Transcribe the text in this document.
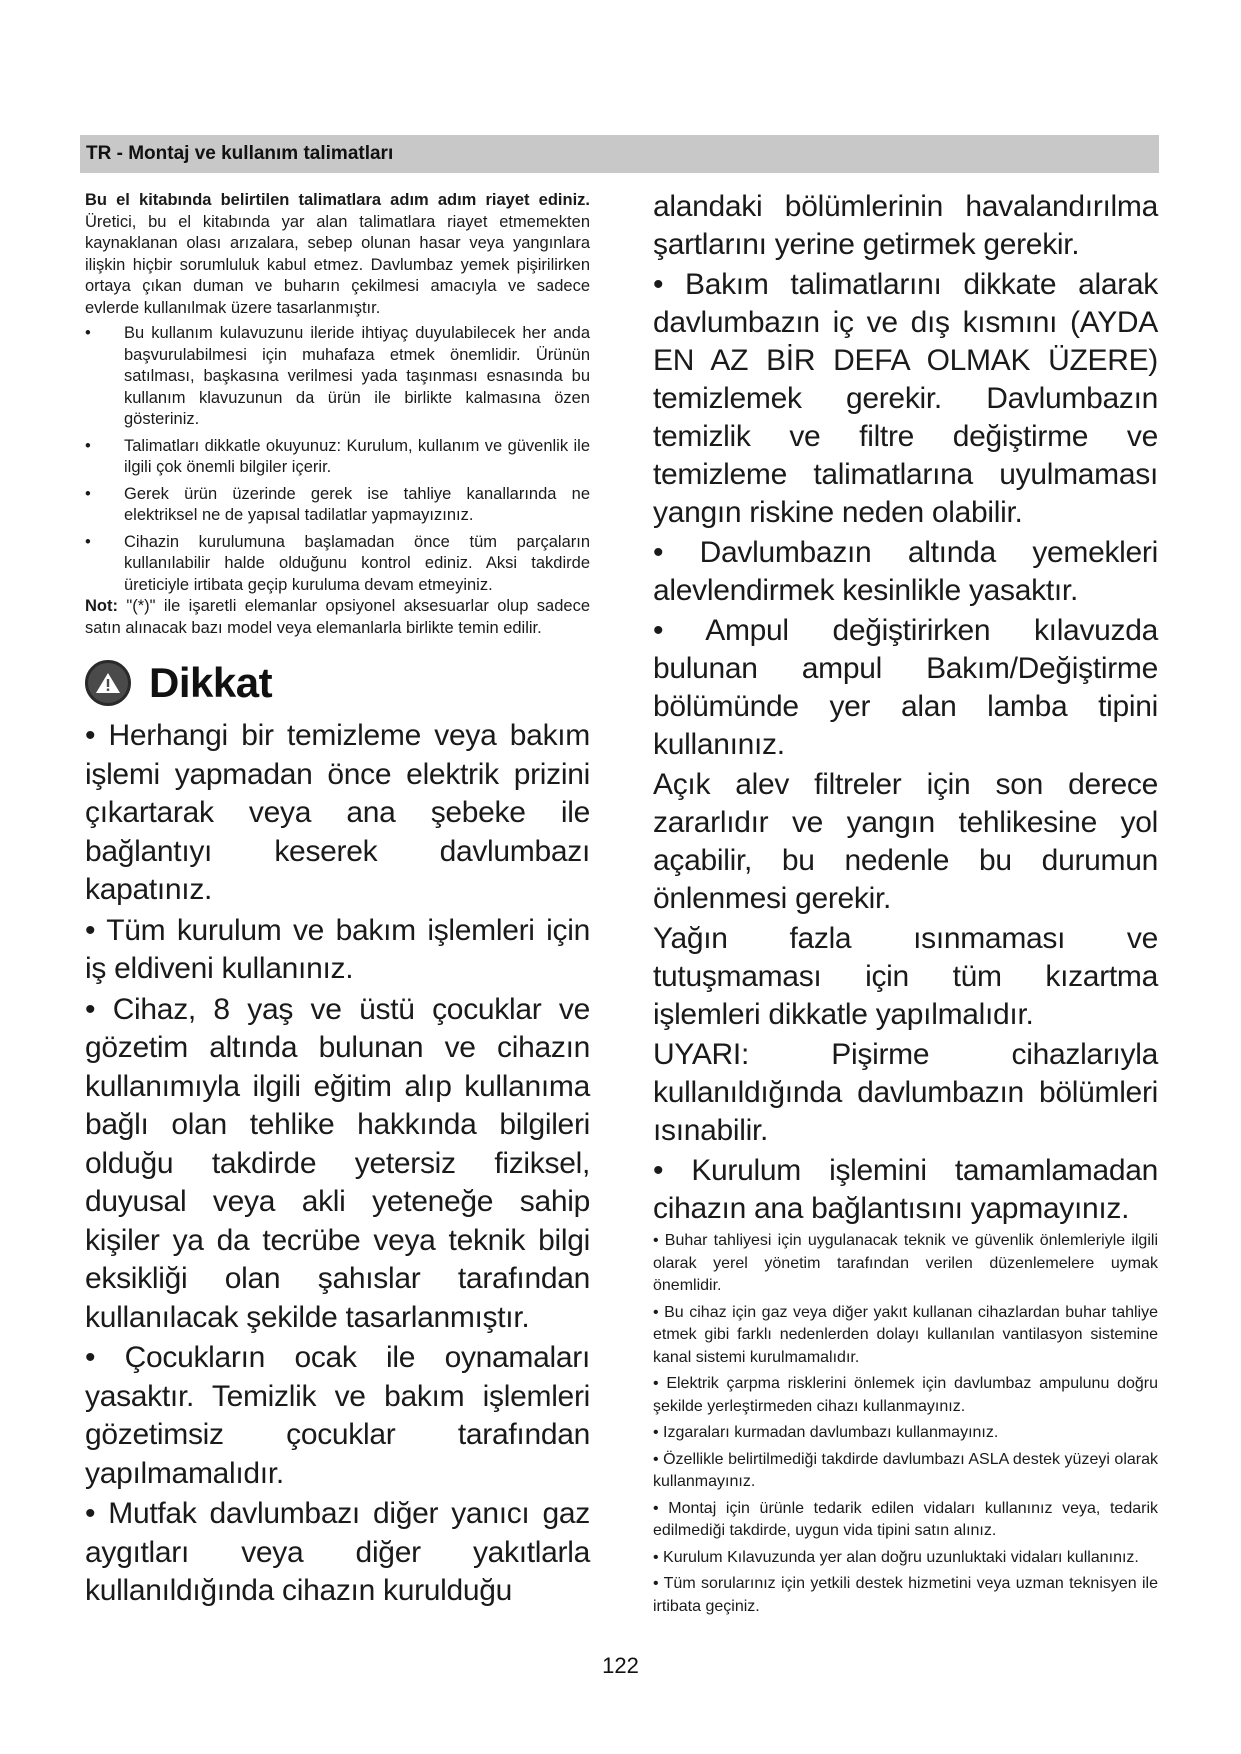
TR - Montaj ve kullanım talimatları

Bu el kitabında belirtilen talimatlara adım adım riayet ediniz. Üretici, bu el kitabında yar alan talimatlara riayet etmemekten kaynaklanan olası arızalara, sebep olunan hasar veya yangınlara ilişkin hiçbir sorumluluk kabul etmez. Davlumbaz yemek pişirilirken ortaya çıkan duman ve buharın çekilmesi amacıyla ve sadece evlerde kullanılmak üzere tasarlanmıştır.

•	Bu kullanım kulavuzunu ileride ihtiyaç duyulabilecek her anda başvurulabilmesi için muhafaza etmek önemlidir. Ürünün satılması, başkasına verilmesi yada taşınması esnasında bu kullanım klavuzunun da ürün ile birlikte kalmasına özen gösteriniz.
•	Talimatları dikkatle okuyunuz: Kurulum, kullanım ve güvenlik ile ilgili çok önemli bilgiler içerir.
•	Gerek ürün üzerinde gerek ise tahliye kanallarında ne elektriksel ne de yapısal tadilatlar yapmayızınız.
•	Cihazin kurulumuna başlamadan önce tüm parçaların kullanılabilir halde olduğunu kontrol ediniz. Aksi takdirde üreticiyle irtibata geçip kuruluma devam etmeyiniz.

Not: "(*)" ile işaretli elemanlar opsiyonel aksesuarlar olup sadece satın alınacak bazı model veya elemanlarla birlikte temin edilir.

Dikkat

• Herhangi bir temizleme veya bakım işlemi yapmadan önce elektrik prizini çıkartarak veya ana şebeke ile bağlantıyı keserek davlumbazı kapatınız.

• Tüm kurulum ve bakım işlemleri için iş eldiveni kullanınız.

• Cihaz, 8 yaş ve üstü çocuklar ve gözetim altında bulunan ve cihazın kullanımıyla ilgili eğitim alıp kullanıma bağlı olan tehlike hakkında bilgileri olduğu takdirde yetersiz fiziksel, duyusal veya akli yeteneğe sahip kişiler ya da tecrübe veya teknik bilgi eksikliği olan şahıslar tarafından kullanılacak şekilde tasarlanmıştır.

• Çocukların ocak ile oynamaları yasaktır. Temizlik ve bakım işlemleri gözetimsiz çocuklar tarafından yapılmamalıdır.

• Mutfak davlumbazı diğer yanıcı gaz aygıtları veya diğer yakıtlarla kullanıldığında cihazın kurulduğu

alandaki bölümlerinin havalandırılma şartlarını yerine getirmek gerekir.

• Bakım talimatlarını dikkate alarak davlumbazın iç ve dış kısmını (AYDA EN AZ BİR DEFA OLMAK ÜZERE) temizlemek gerekir. Davlumbazın temizlik ve filtre değiştirme ve temizleme talimatlarına uyulmaması yangın riskine neden olabilir.

• Davlumbazın altında yemekleri alevlendirmek kesinlikle yasaktır.

• Ampul değiştirirken kılavuzda bulunan ampul Bakım/Değiştirme bölümünde yer alan lamba tipini kullanınız.

Açık alev filtreler için son derece zararlıdır ve yangın tehlikesine yol açabilir, bu nedenle bu durumun önlenmesi gerekir.

Yağın fazla ısınmaması ve tutuşmaması için tüm kızartma işlemleri dikkatle yapılmalıdır.

UYARI: Pişirme cihazlarıyla kullanıldığında davlumbazın bölümleri ısınabilir.

• Kurulum işlemini tamamlamadan cihazın ana bağlantısını yapmayınız.

• Buhar tahliyesi için uygulanacak teknik ve güvenlik önlemleriyle ilgili olarak yerel yönetim tarafından verilen düzenlemelere uymak önemlidir.

• Bu cihaz için gaz veya diğer yakıt kullanan cihazlardan buhar tahliye etmek gibi farklı nedenlerden dolayı kullanılan vantilasyon sistemine kanal sistemi kurulmamalıdır.

• Elektrik çarpma risklerini önlemek için davlumbaz ampulunu doğru şekilde yerleştirmeden cihazı kullanmayınız.

• Izgaraları kurmadan davlumbazı kullanmayınız.

• Özellikle belirtilmediği takdirde davlumbazı ASLA destek yüzeyi olarak kullanmayınız.

• Montaj için ürünle tedarik edilen vidaları kullanınız veya, tedarik edilmediği takdirde, uygun vida tipini satın alınız.

• Kurulum Kılavuzunda yer alan doğru uzunluktaki vidaları kullanınız.

• Tüm sorularınız için yetkili destek hizmetini veya uzman teknisyen ile irtibata geçiniz.

122
